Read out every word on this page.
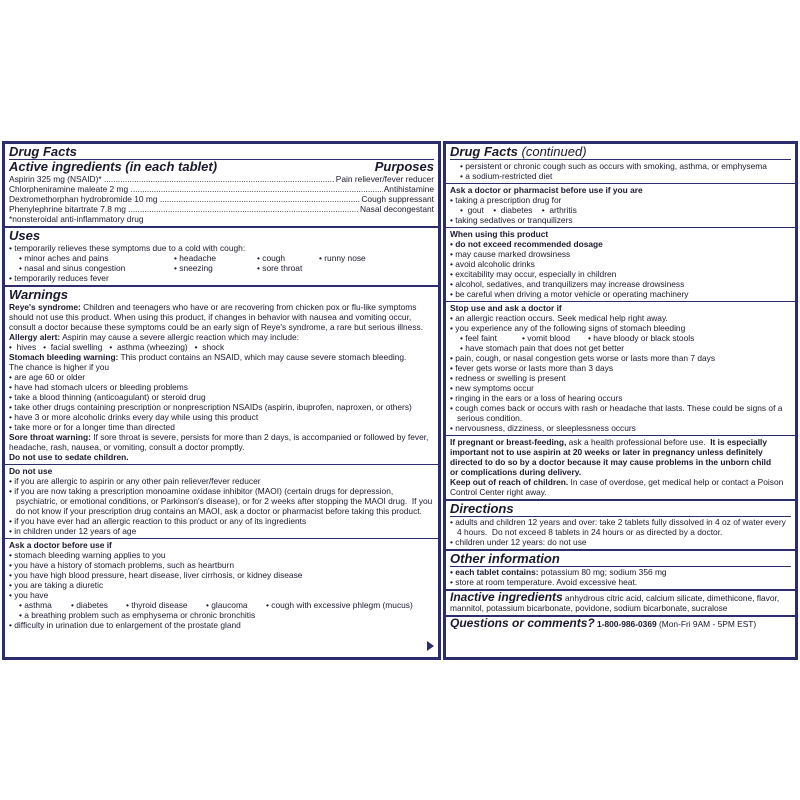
Drug Facts
Active ingredients (in each tablet)	Purposes
Aspirin 325 mg (NSAID)* .....	Pain reliever/fever reducer
Chlorpheniramine maleate 2 mg .....	Antihistamine
Dextromethorphan hydrobromide 10 mg .....	Cough suppressant
Phenylephrine bitartrate 7.8 mg .....	Nasal decongestant
*nonsteroidal anti-inflammatory drug
Uses
• temporarily relieves these symptoms due to a cold with cough:
• minor aches and pains	• headache	• cough	• runny nose
• nasal and sinus congestion	• sneezing	• sore throat
• temporarily reduces fever
Warnings
Reye's syndrome: Children and teenagers who have or are recovering from chicken pox or flu-like symptoms
should not use this product. When using this product, if changes in behavior with nausea and vomiting occur,
consult a doctor because these symptoms could be an early sign of Reye's syndrome, a rare but serious illness.
Allergy alert: Aspirin may cause a severe allergic reaction which may include:
•  hives   •  facial swelling   •  asthma (wheezing)   •  shock
Stomach bleeding warning: This product contains an NSAID, which may cause severe stomach bleeding.
The chance is higher if you
• are age 60 or older
• have had stomach ulcers or bleeding problems
• take a blood thinning (anticoagulant) or steroid drug
• take other drugs containing prescription or nonprescription NSAIDs (aspirin, ibuprofen, naproxen, or others)
• have 3 or more alcoholic drinks every day while using this product
• take more or for a longer time than directed
Sore throat warning: If sore throat is severe, persists for more than 2 days, is accompanied or followed by fever,
headache, rash, nausea, or vomiting, consult a doctor promptly.
Do not use to sedate children.
Do not use
• if you are allergic to aspirin or any other pain reliever/fever reducer
• if you are now taking a prescription monoamine oxidase inhibitor (MAOI) (certain drugs for depression,
psychiatric, or emotional conditions, or Parkinson's disease), or for 2 weeks after stopping the MAOI drug.  If you
do not know if your prescription drug contains an MAOI, ask a doctor or pharmacist before taking this product.
• if you have ever had an allergic reaction to this product or any of its ingredients
• in children under 12 years of age
Ask a doctor before use if
• stomach bleeding warning applies to you
• you have a history of stomach problems, such as heartburn
• you have high blood pressure, heart disease, liver cirrhosis, or kidney disease
• you are taking a diuretic
• you have
• asthma • diabetes • thyroid disease • glaucoma • cough with excessive phlegm (mucus)
• a breathing problem such as emphysema or chronic bronchitis
• difficulty in urination due to enlargement of the prostate gland
Drug Facts (continued)
• persistent or chronic cough such as occurs with smoking, asthma, or emphysema
• a sodium-restricted diet
Ask a doctor or pharmacist before use if you are
• taking a prescription drug for
•  gout    •  diabetes    •  arthritis
• taking sedatives or tranquilizers
When using this product
• do not exceed recommended dosage
• may cause marked drowsiness
• avoid alcoholic drinks
• excitability may occur, especially in children
• alcohol, sedatives, and tranquilizers may increase drowsiness
• be careful when driving a motor vehicle or operating machinery
Stop use and ask a doctor if
• an allergic reaction occurs. Seek medical help right away.
• you experience any of the following signs of stomach bleeding
• feel faint	• vomit blood • have bloody or black stools
• have stomach pain that does not get better
• pain, cough, or nasal congestion gets worse or lasts more than 7 days
• fever gets worse or lasts more than 3 days
• redness or swelling is present
• new symptoms occur
• ringing in the ears or a loss of hearing occurs
• cough comes back or occurs with rash or headache that lasts. These could be signs of a
serious condition.
• nervousness, dizziness, or sleeplessness occurs
If pregnant or breast-feeding, ask a health professional before use.  It is especially
important not to use aspirin at 20 weeks or later in pregnancy unless definitely
directed to do so by a doctor because it may cause problems in the unborn child
or complications during delivery.
Keep out of reach of children. In case of overdose, get medical help or contact a Poison
Control Center right away.
Directions
• adults and children 12 years and over: take 2 tablets fully dissolved in 4 oz of water every
4 hours.  Do not exceed 8 tablets in 24 hours or as directed by a doctor.
• children under 12 years: do not use
Other information
• each tablet contains: potassium 80 mg; sodium 356 mg
• store at room temperature. Avoid excessive heat.
Inactive ingredients anhydrous citric acid, calcium silicate, dimethicone, flavor,
mannitol, potassium bicarbonate, povidone, sodium bicarbonate, sucralose
Questions or comments? 1-800-986-0369 (Mon-Fri 9AM - 5PM EST)
